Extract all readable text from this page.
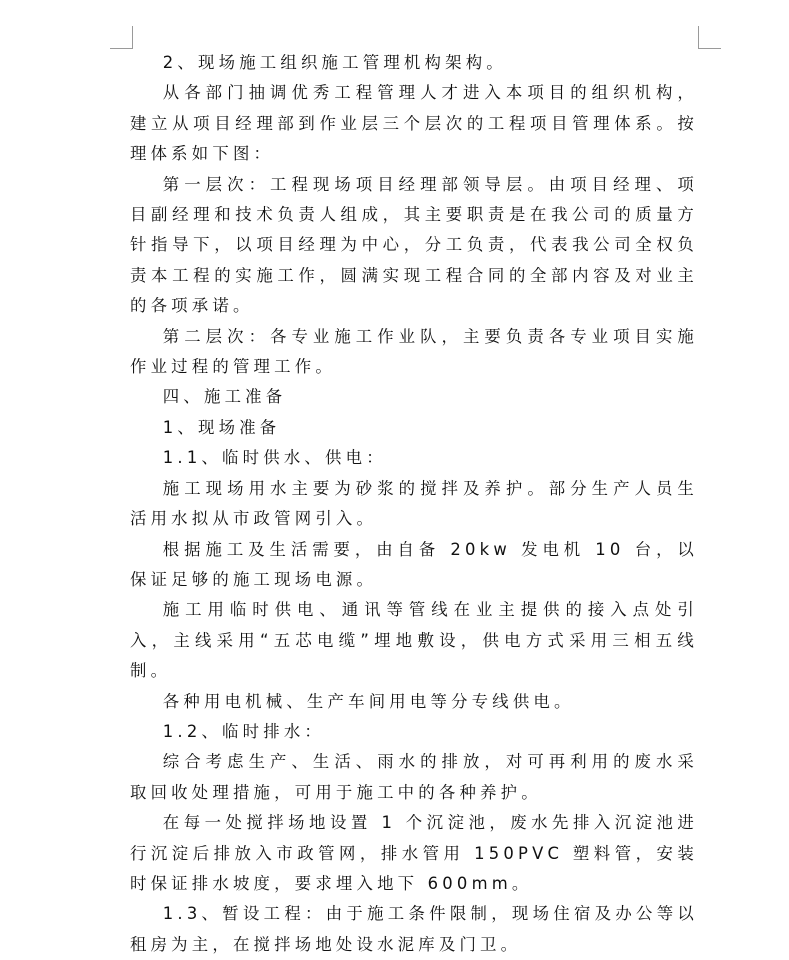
2、现场施工组织施工管理机构架构。

从各部门抽调优秀工程管理人才进入本项目的组织机构，建立从项目经理部到作业层三个层次的工程项目管理体系。按理体系如下图：

第一层次：工程现场项目经理部领导层。由项目经理、项目副经理和技术负责人组成，其主要职责是在我公司的质量方针指导下，以项目经理为中心，分工负责，代表我公司全权负责本工程的实施工作，圆满实现工程合同的全部内容及对业主的各项承诺。

第二层次：各专业施工作业队，主要负责各专业项目实施作业过程的管理工作。

四、施工准备

1、现场准备

1.1、临时供水、供电：

施工现场用水主要为砂浆的搅拌及养护。部分生产人员生活用水拟从市政管网引入。

根据施工及生活需要，由自备 20kw 发电机 10 台，以保证足够的施工现场电源。

施工用临时供电、通讯等管线在业主提供的接入点处引入，主线采用“五芯电缆”埋地敷设，供电方式采用三相五线制。

各种用电机械、生产车间用电等分专线供电。

1.2、临时排水：

综合考虑生产、生活、雨水的排放，对可再利用的废水采取回收处理措施，可用于施工中的各种养护。

在每一处搅拌场地设置 1 个沉淀池，废水先排入沉淀池进行沉淀后排放入市政管网，排水管用 150PVC 塑料管，安装时保证排水坡度，要求埋入地下 600mm。

1.3、暂设工程：由于施工条件限制，现场住宿及办公等以租房为主，在搅拌场地处设水泥库及门卫。
